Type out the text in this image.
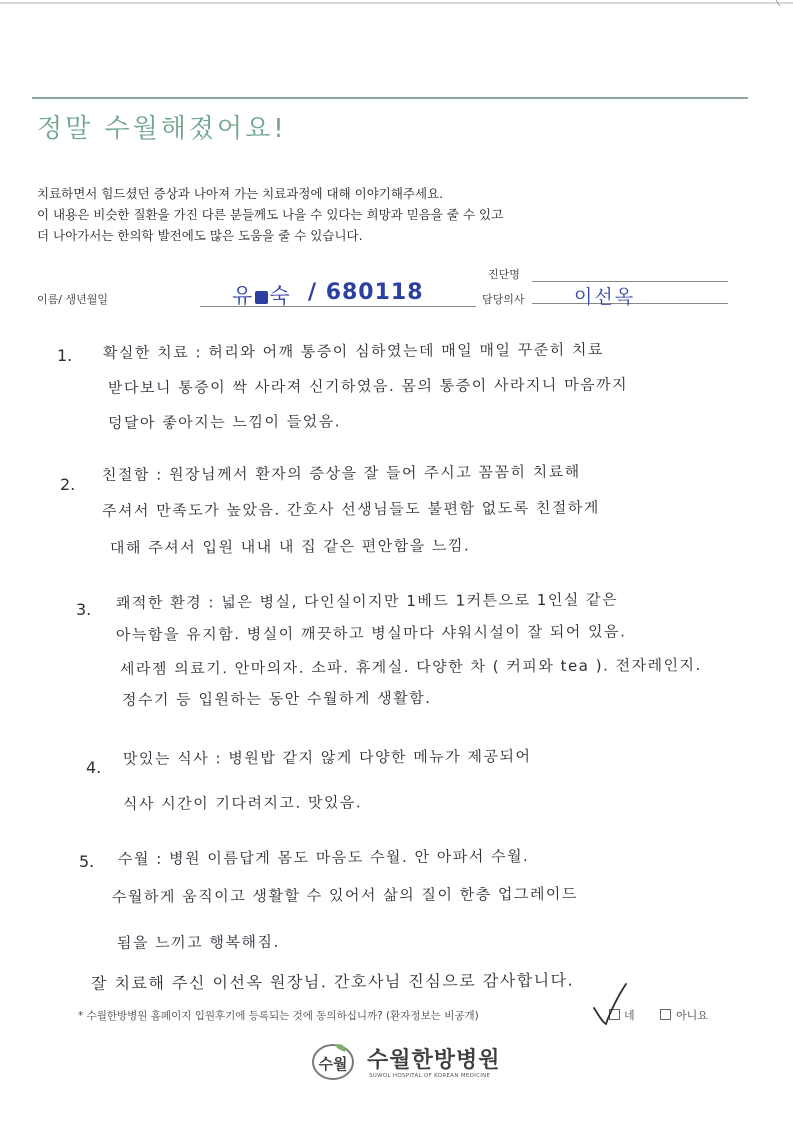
정말 수월해졌어요!
치료하면서 힘드셨던 증상과 나아져 가는 치료과정에 대해 이야기해주세요.
이 내용은 비슷한 질환을 가진 다른 분들께도 나을 수 있다는 희망과 믿음을 줄 수 있고
더 나아가서는 한의학 발전에도 많은 도움을 줄 수 있습니다.
진단명
담당의사	이선옥
이름/ 생년월일	유 숙 / 680118
1. 확실한 치료 : 허리와 어깨 통증이 심하였는데 매일 매일 꾸준히 치료
받다보니 통증이 싹 사라져 신기하였음. 몸의 통증이 사라지니 마음까지
덩달아 좋아지는 느낌이 들었음.
2.
친절함 : 원장님께서 환자의 증상을 잘 들어 주시고 꼼꼼히 치료해
주셔서 만족도가 높았음. 간호사 선생님들도 불편함 없도록 친절하게
대해 주셔서 입원 내내 내 집 같은 편안함을 느낌.
3. 쾌적한 환경 : 넓은 병실, 다인실이지만 1베드 1커튼으로 1인실 같은
아늑함을 유지함. 병실이 깨끗하고 병실마다 샤워시설이 잘 되어 있음.
세라젬 의료기. 안마의자. 소파. 휴게실. 다양한 차 ( 커피와 tea ). 전자레인지.
정수기 등 입원하는 동안 수월하게 생활함.
4. 맛있는 식사 : 병원밥 같지 않게 다양한 메뉴가 제공되어
식사 시간이 기다려지고. 맛있음.
5. 수월 : 병원 이름답게 몸도 마음도 수월. 안 아파서 수월.
수월하게 움직이고 생활할 수 있어서 삶의 질이 한층 업그레이드
됨을 느끼고 행복해짐.
잘 치료해 주신 이선옥 원장님. 간호사님 진심으로 감사합니다.
* 수월한방병원 홈페이지 입원후기에 등록되는 것에 동의하십니까? (환자정보는 비공개)	네	아니요
수월 수월한방병원
SUWOL HOSPITAL OF KOREAN MEDICINE
